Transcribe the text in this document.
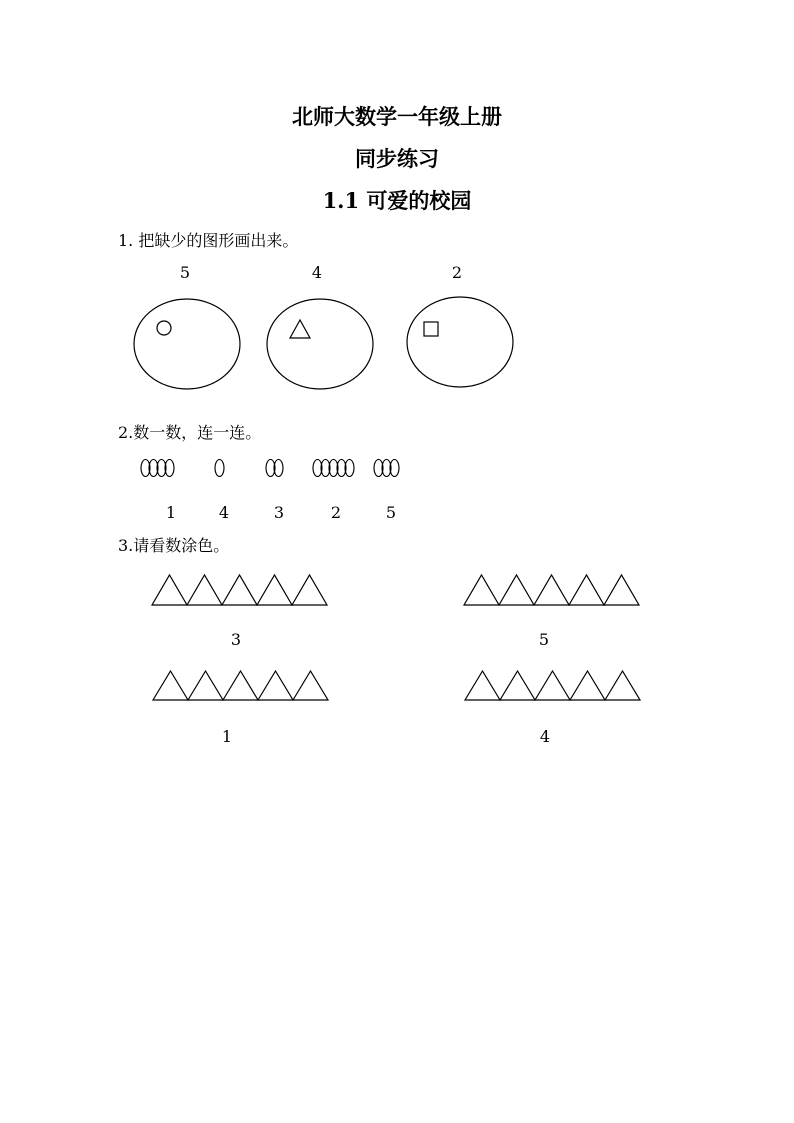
北师大数学一年级上册
同步练习
1.1 可爱的校园
1. 把缺少的图形画出来。
5	4	2
2.数一数，连一连。
1	4	3	2	5
3.请看数涂色。
3	5
1	4
